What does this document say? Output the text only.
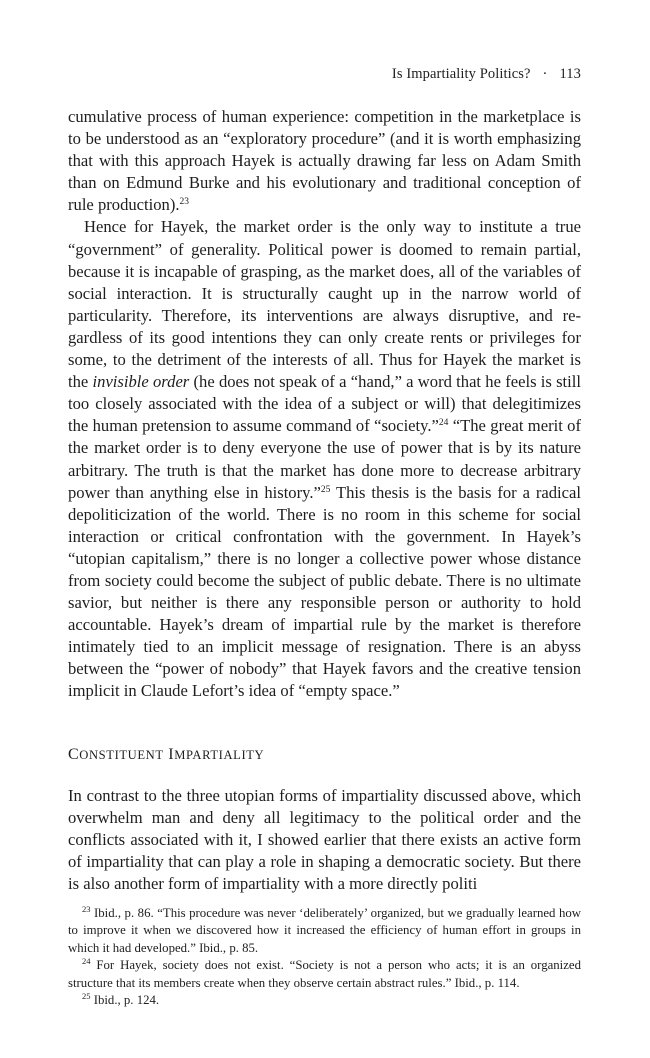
Is Impartiality Politics? · 113

cumulative process of human experience: competition in the marketplace is to be understood as an “exploratory procedure” (and it is worth emphasizing that with this approach Hayek is actually drawing far less on Adam Smith than on Edmund Burke and his evolutionary and traditional conception of rule production).$^{23}$

Hence for Hayek, the market order is the only way to institute a true “government” of generality. Political power is doomed to remain partial, because it is incapable of grasping, as the market does, all of the variables of social interaction. It is structurally caught up in the narrow world of particularity. Therefore, its interventions are always disruptive, and regardless of its good intentions they can only create rents or privileges for some, to the detriment of the interests of all. Thus for Hayek the market is the invisible order (he does not speak of a “hand,” a word that he feels is still too closely associated with the idea of a subject or will) that delegitimizes the human pretension to assume command of “society.”$^{24}$ “The great merit of the market order is to deny everyone the use of power that is by its nature arbitrary. The truth is that the market has done more to decrease arbitrary power than anything else in history.”$^{25}$ This thesis is the basis for a radical depoliticization of the world. There is no room in this scheme for social interaction or critical confrontation with the government. In Hayek’s “utopian capitalism,” there is no longer a collective power whose distance from society could become the subject of public debate. There is no ultimate savior, but neither is there any responsible person or authority to hold accountable. Hayek’s dream of impartial rule by the market is therefore intimately tied to an implicit message of resignation. There is an abyss between the “power of nobody” that Hayek favors and the creative tension implicit in Claude Lefort’s idea of “empty space.”

CONSTITUENT IMPARTIALITY

In contrast to the three utopian forms of impartiality discussed above, which overwhelm man and deny all legitimacy to the political order and the conflicts associated with it, I showed earlier that there exists an active form of impartiality that can play a role in shaping a democratic society. But there is also another form of impartiality with a more directly politi

$^{23}$ Ibid., p. 86. “This procedure was never ‘deliberately’ organized, but we gradually learned how to improve it when we discovered how it increased the efficiency of human effort in groups in which it had developed.” Ibid., p. 85.

$^{24}$ For Hayek, society does not exist. “Society is not a person who acts; it is an organized structure that its members create when they observe certain abstract rules.” Ibid., p. 114.

$^{25}$ Ibid., p. 124.
